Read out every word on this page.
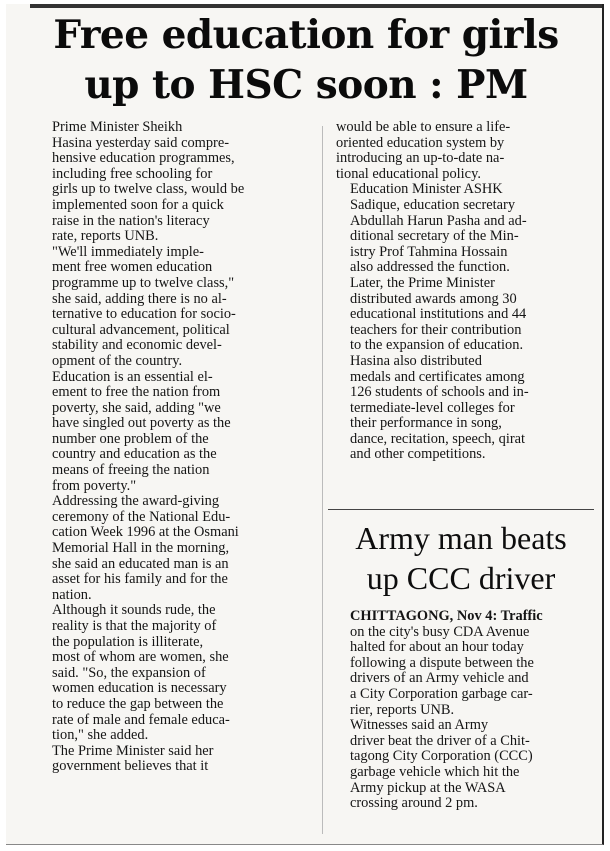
Free education for girls
up to HSC soon : PM

Prime Minister Sheikh
Hasina yesterday said compre-
hensive education programmes,
including free schooling for
girls up to twelve class, would be
implemented soon for a quick
raise in the nation's literacy
rate, reports UNB.

"We'll immediately imple-
ment free women education
programme up to twelve class,"
she said, adding there is no al-
ternative to education for socio-
cultural advancement, political
stability and economic devel-
opment of the country.

Education is an essential el-
ement to free the nation from
poverty, she said, adding "we
have singled out poverty as the
number one problem of the
country and education as the
means of freeing the nation
from poverty."

Addressing the award-giving
ceremony of the National Edu-
cation Week 1996 at the Osmani
Memorial Hall in the morning,
she said an educated man is an
asset for his family and for the
nation.

Although it sounds rude, the
reality is that the majority of
the population is illiterate,
most of whom are women, she
said. "So, the expansion of
women education is necessary
to reduce the gap between the
rate of male and female educa-
tion," she added.

The Prime Minister said her
government believes that it

would be able to ensure a life-
oriented education system by
introducing an up-to-date na-
tional educational policy.

Education Minister ASHK
Sadique, education secretary
Abdullah Harun Pasha and ad-
ditional secretary of the Min-
istry Prof Tahmina Hossain
also addressed the function.

Later, the Prime Minister
distributed awards among 30
educational institutions and 44
teachers for their contribution
to the expansion of education.

Hasina also distributed
medals and certificates among
126 students of schools and in-
termediate-level colleges for
their performance in song,
dance, recitation, speech, qirat
and other competitions.

Army man beats
up CCC driver

CHITTAGONG, Nov 4: Traffic
on the city's busy CDA Avenue
halted for about an hour today
following a dispute between the
drivers of an Army vehicle and
a City Corporation garbage car-
rier, reports UNB.

Witnesses said an Army
driver beat the driver of a Chit-
tagong City Corporation (CCC)
garbage vehicle which hit the
Army pickup at the WASA
crossing around 2 pm.
